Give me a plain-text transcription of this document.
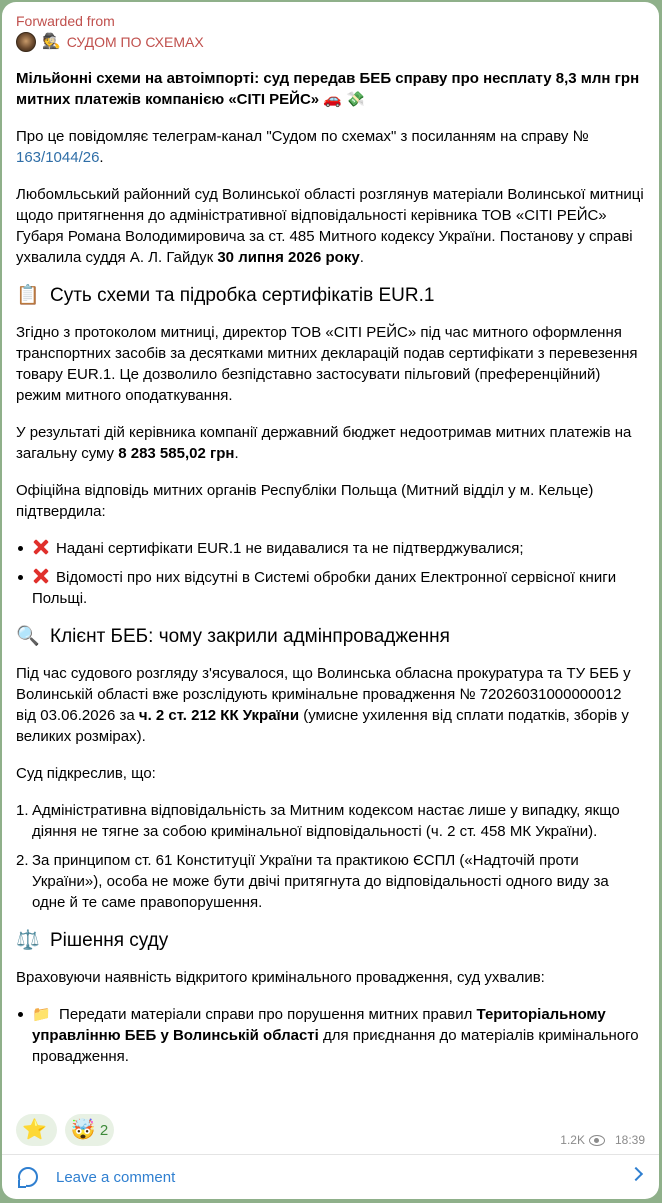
Forwarded from
🕵️ СУДОМ ПО СХЕМАХ

Мільйонні схеми на автоімпорті: суд передав БЕБ справу про несплату 8,3 млн грн митних платежів компанією «СІТІ РЕЙС» 🚗 💸

Про це повідомляє телеграм-канал "Судом по схемах" з посиланням на справу № 163/1044/26.

Любомльський районний суд Волинської області розглянув матеріали Волинської митниці щодо притягнення до адміністративної відповідальності керівника ТОВ «СІТІ РЕЙС» Губаря Романа Володимировича за ст. 485 Митного кодексу України. Постанову у справі ухвалила суддя А. Л. Гайдук 30 липня 2026 року.

📋 Суть схеми та підробка сертифікатів EUR.1

Згідно з протоколом митниці, директор ТОВ «СІТІ РЕЙС» під час митного оформлення транспортних засобів за десятками митних декларацій подав сертифікати з перевезення товару EUR.1. Це дозволило безпідставно застосувати пільговий (преференційний) режим митного оподаткування.

У результаті дій керівника компанії державний бюджет недоотримав митних платежів на загальну суму 8 283 585,02 грн.

Офіційна відповідь митних органів Республіки Польща (Митний відділ у м. Кельце) підтвердила:

Надані сертифікати EUR.1 не видавалися та не підтверджувалися;
Відомості про них відсутні в Системі обробки даних Електронної сервісної книги Польщі.
🔍 Клієнт БЕБ: чому закрили адмінпровадження

Під час судового розгляду з'ясувалося, що Волинська обласна прокуратура та ТУ БЕБ у Волинській області вже розслідують кримінальне провадження № 72026031000000012 від 03.06.2026 за ч. 2 ст. 212 КК України (умисне ухилення від сплати податків, зборів у великих розмірах).

Суд підкреслив, що:

1. Адміністративна відповідальність за Митним кодексом настає лише у випадку, якщо діяння не тягне за собою кримінальної відповідальності (ч. 2 ст. 458 МК України).
2. За принципом ст. 61 Конституції України та практикою ЄСПЛ («Надточій проти України»), особа не може бути двічі притягнута до відповідальності одного виду за одне й те саме правопорушення.
⚖️ Рішення суду

Враховуючи наявність відкритого кримінального провадження, суд ухвалив:

📁 Передати матеріали справи про порушення митних правил Територіальному управлінню БЕБ у Волинській області для приєднання до матеріалів кримінального провадження.
⭐ 🤯 2
1.2K	18:39
Leave a comment
